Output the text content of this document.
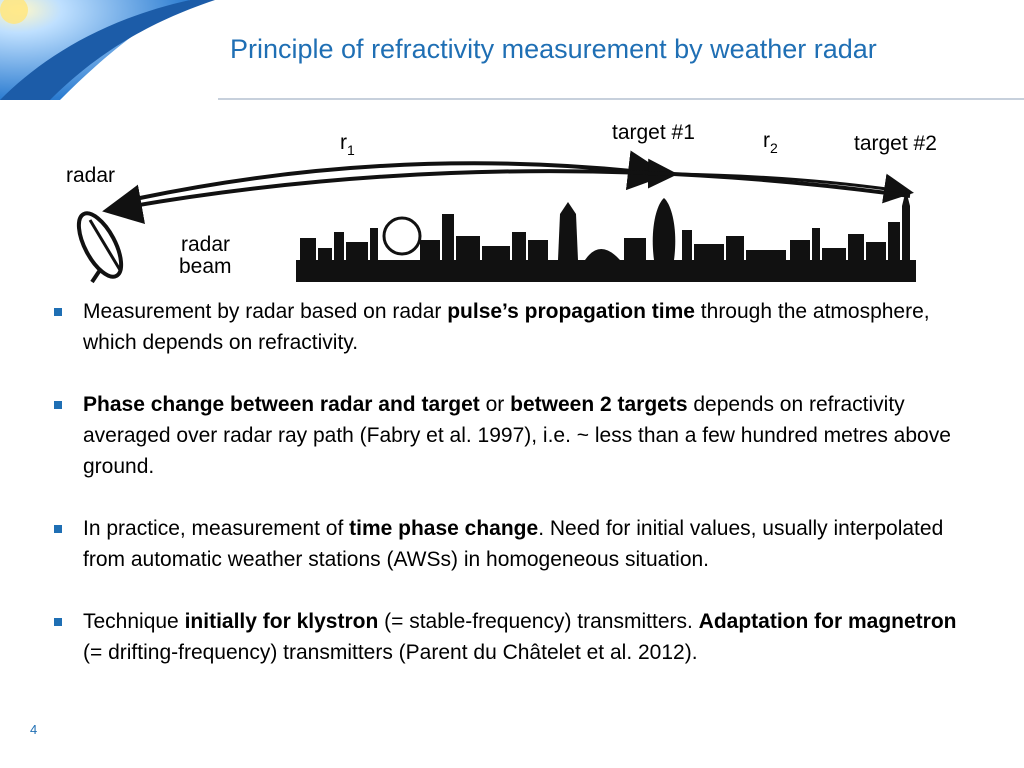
Principle of refractivity measurement by weather radar
radar
radar
beam
target #1	target #2
$r_1$	$r_2$
Measurement by radar based on radar pulse’s propagation time through the atmosphere, which depends on refractivity.
Phase change between radar and target or between 2 targets depends on refractivity averaged over radar ray path (Fabry et al. 1997), i.e. ~ less than a few hundred metres above ground.
In practice, measurement of time phase change. Need for initial values, usually interpolated from automatic weather stations (AWSs) in homogeneous situation.
Technique initially for klystron (= stable-frequency) transmitters. Adaptation for magnetron (= drifting-frequency) transmitters (Parent du Châtelet et al. 2012).
4
